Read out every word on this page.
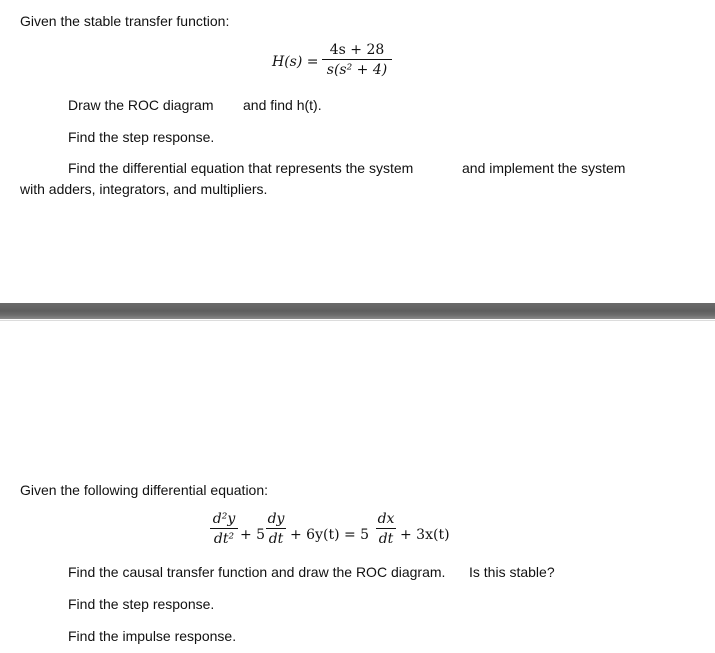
Given the stable transfer function:
H(s) =
4s + 28
s(s² + 4)
Draw the ROC diagram and find h(t).
Find the step response.
Find the differential equation that represents the system	and implement the system
with adders, integrators, and multipliers.
Given the following differential equation:
d²y
dt² + 5
dy
dt + 6y(t) = 5
dx
dt + 3x(t)
Find the causal transfer function and draw the ROC diagram. Is this stable?
Find the step response.
Find the impulse response.
